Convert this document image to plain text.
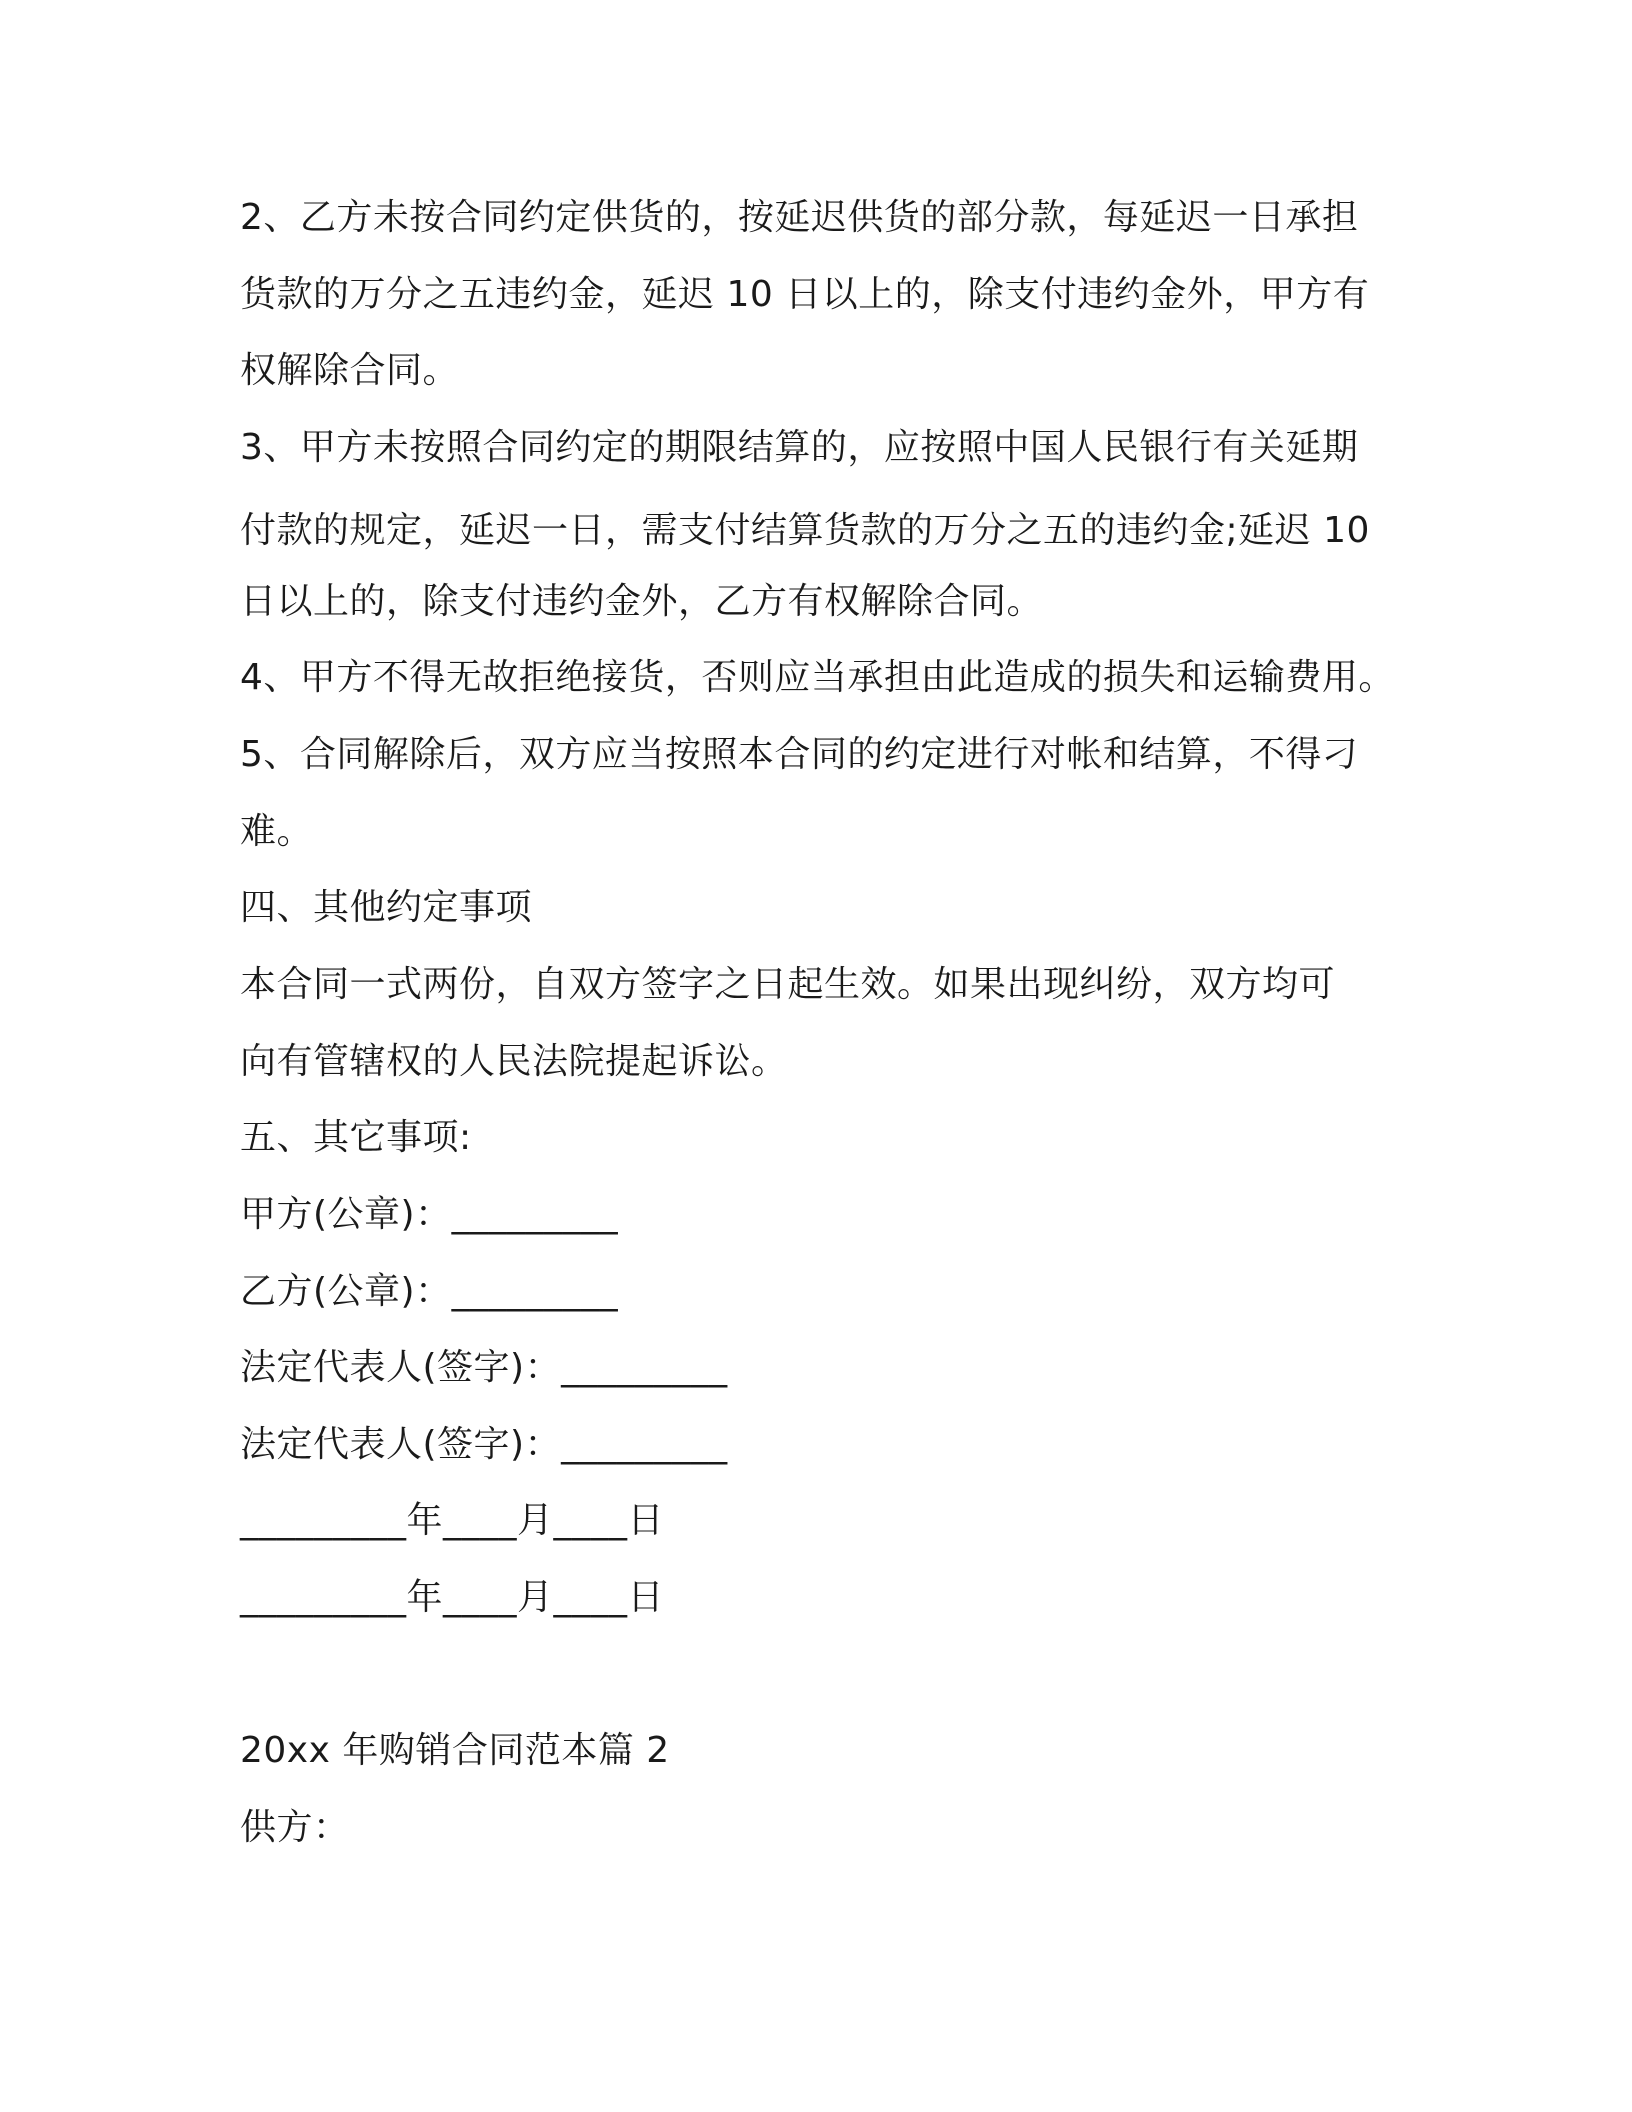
2、乙方未按合同约定供货的，按延迟供货的部分款，每延迟一日承担
货款的万分之五违约金，延迟 10 日以上的，除支付违约金外，甲方有
权解除合同。
3、甲方未按照合同约定的期限结算的，应按照中国人民银行有关延期
付款的规定，延迟一日，需支付结算货款的万分之五的违约金;延迟 10
日以上的，除支付违约金外，乙方有权解除合同。
4、甲方不得无故拒绝接货，否则应当承担由此造成的损失和运输费用。
5、合同解除后，双方应当按照本合同的约定进行对帐和结算，不得刁
难。
四、其他约定事项
本合同一式两份，自双方签字之日起生效。如果出现纠纷，双方均可
向有管辖权的人民法院提起诉讼。
五、其它事项:
甲方(公章)：_________
乙方(公章)：_________
法定代表人(签字)：_________
法定代表人(签字)：_________
_________年____月____日
_________年____月____日
20xx 年购销合同范本篇 2
供方：
